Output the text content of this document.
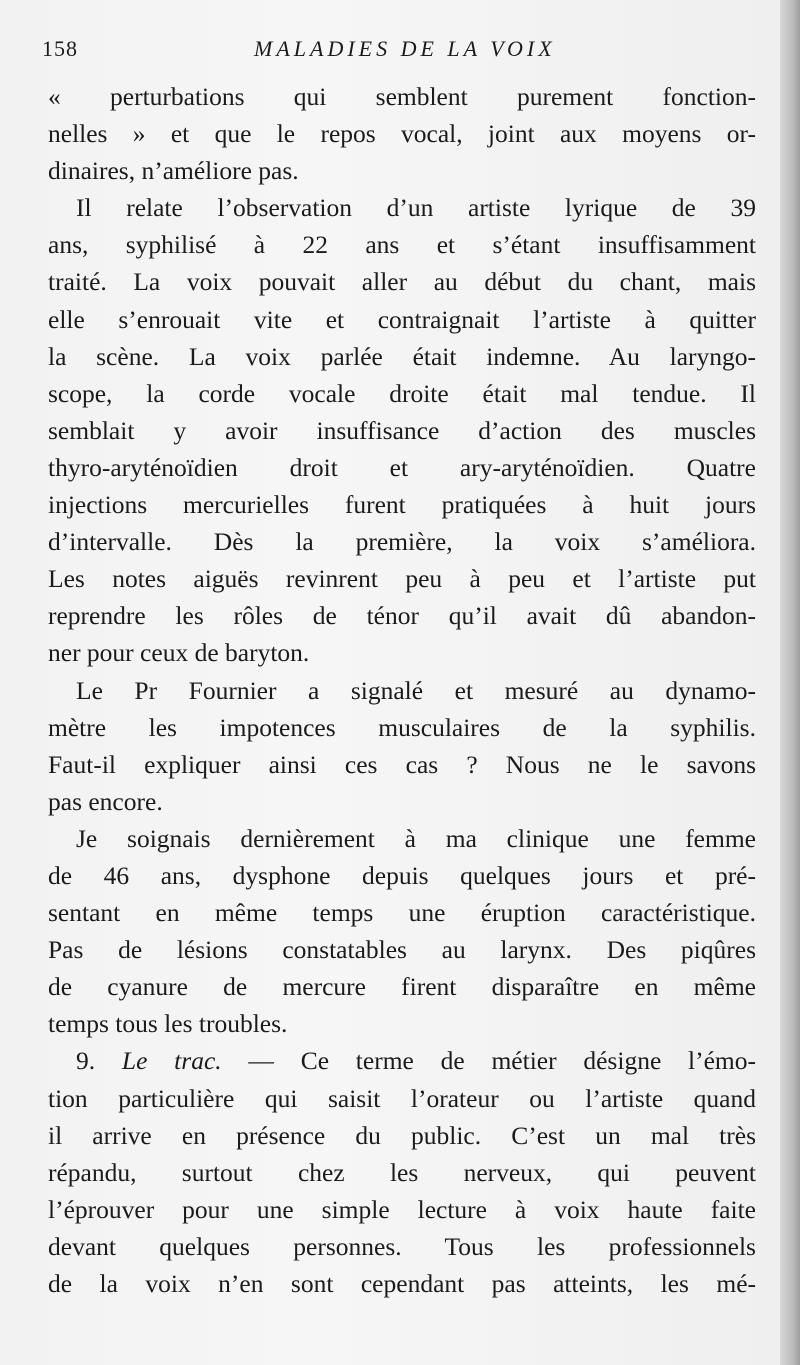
158	MALADIES DE LA VOIX
« perturbations qui semblent purement fonction-
nelles » et que le repos vocal, joint aux moyens or-
dinaires, n’améliore pas.
Il relate l’observation d’un artiste lyrique de 39
ans, syphilisé à 22 ans et s’étant insuffisamment
traité. La voix pouvait aller au début du chant, mais
elle s’enrouait vite et contraignait l’artiste à quitter
la scène. La voix parlée était indemne. Au laryngo-
scope, la corde vocale droite était mal tendue. Il
semblait y avoir insuffisance d’action des muscles
thyro-aryténoïdien droit et ary-aryténoïdien. Quatre
injections mercurielles furent pratiquées à huit jours
d’intervalle. Dès la première, la voix s’améliora.
Les notes aiguës revinrent peu à peu et l’artiste put
reprendre les rôles de ténor qu’il avait dû abandon-
ner pour ceux de baryton.
Le Pr Fournier a signalé et mesuré au dynamo-
mètre les impotences musculaires de la syphilis.
Faut-il expliquer ainsi ces cas ? Nous ne le savons
pas encore.
Je soignais dernièrement à ma clinique une femme
de 46 ans, dysphone depuis quelques jours et pré-
sentant en même temps une éruption caractéristique.
Pas de lésions constatables au larynx. Des piqûres
de cyanure de mercure firent disparaître en même
temps tous les troubles.
9. Le trac. — Ce terme de métier désigne l’émo-
tion particulière qui saisit l’orateur ou l’artiste quand
il arrive en présence du public. C’est un mal très
répandu, surtout chez les nerveux, qui peuvent
l’éprouver pour une simple lecture à voix haute faite
devant quelques personnes. Tous les professionnels
de la voix n’en sont cependant pas atteints, les mé-
